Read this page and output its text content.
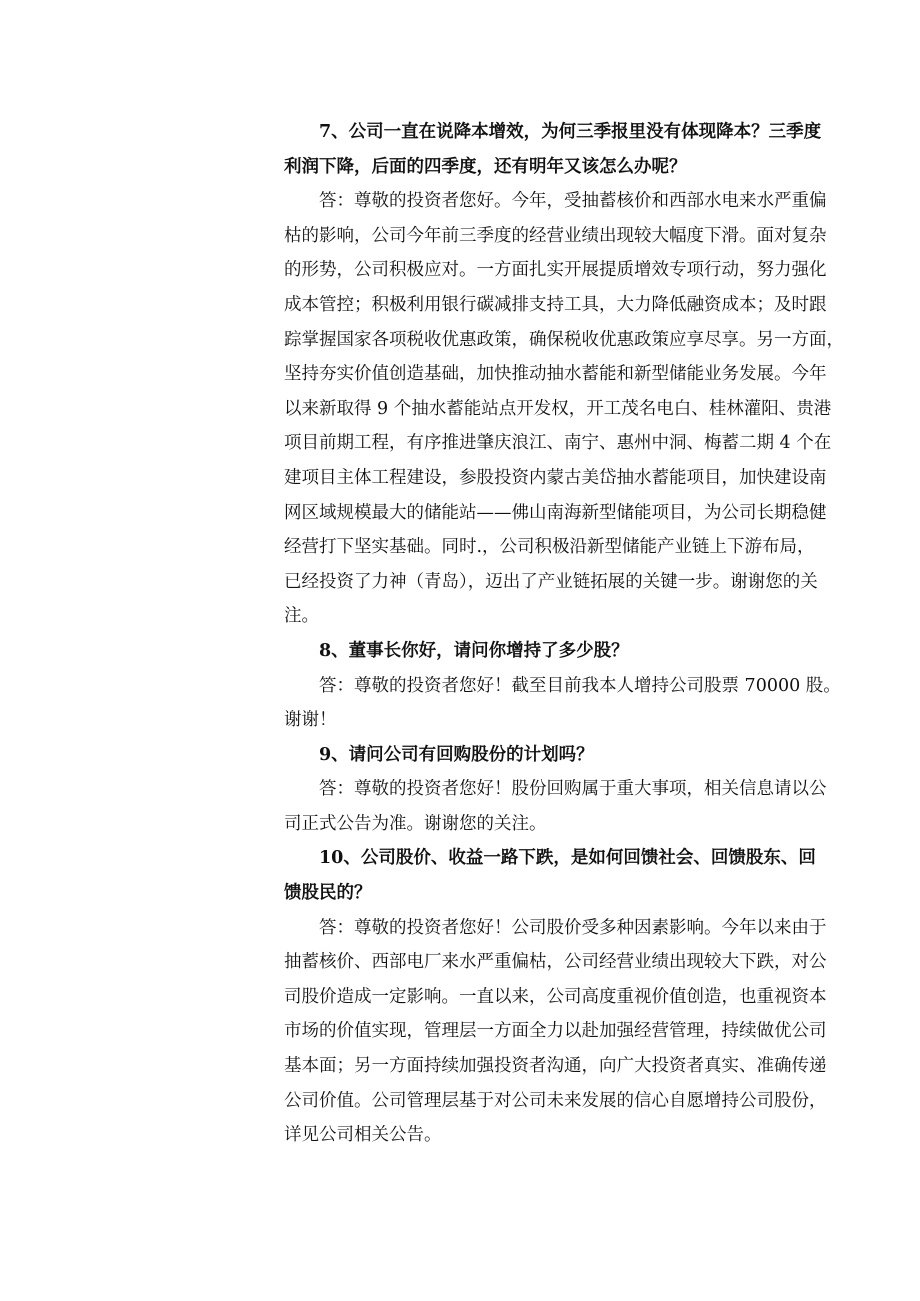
7、公司一直在说降本增效，为何三季报里没有体现降本？三季度
利润下降，后面的四季度，还有明年又该怎么办呢？
答：尊敬的投资者您好。今年，受抽蓄核价和西部水电来水严重偏
枯的影响，公司今年前三季度的经营业绩出现较大幅度下滑。面对复杂
的形势，公司积极应对。一方面扎实开展提质增效专项行动，努力强化
成本管控；积极利用银行碳减排支持工具，大力降低融资成本；及时跟
踪掌握国家各项税收优惠政策，确保税收优惠政策应享尽享。另一方面，
坚持夯实价值创造基础，加快推动抽水蓄能和新型储能业务发展。今年
以来新取得 9 个抽水蓄能站点开发权，开工茂名电白、桂林灌阳、贵港
项目前期工程，有序推进肇庆浪江、南宁、惠州中洞、梅蓄二期 4 个在
建项目主体工程建设，参股投资内蒙古美岱抽水蓄能项目，加快建设南
网区域规模最大的储能站——佛山南海新型储能项目，为公司长期稳健
经营打下坚实基础。同时.，公司积极沿新型储能产业链上下游布局，
已经投资了力神（青岛），迈出了产业链拓展的关键一步。谢谢您的关
注。
8、董事长你好，请问你增持了多少股？
答：尊敬的投资者您好！截至目前我本人增持公司股票 70000 股。
谢谢！
9、请问公司有回购股份的计划吗？
答：尊敬的投资者您好！股份回购属于重大事项，相关信息请以公
司正式公告为准。谢谢您的关注。
10、公司股价、收益一路下跌，是如何回馈社会、回馈股东、回
馈股民的？
答：尊敬的投资者您好！公司股价受多种因素影响。今年以来由于
抽蓄核价、西部电厂来水严重偏枯，公司经营业绩出现较大下跌，对公
司股价造成一定影响。一直以来，公司高度重视价值创造，也重视资本
市场的价值实现，管理层一方面全力以赴加强经营管理，持续做优公司
基本面；另一方面持续加强投资者沟通，向广大投资者真实、准确传递
公司价值。公司管理层基于对公司未来发展的信心自愿增持公司股份，
详见公司相关公告。
